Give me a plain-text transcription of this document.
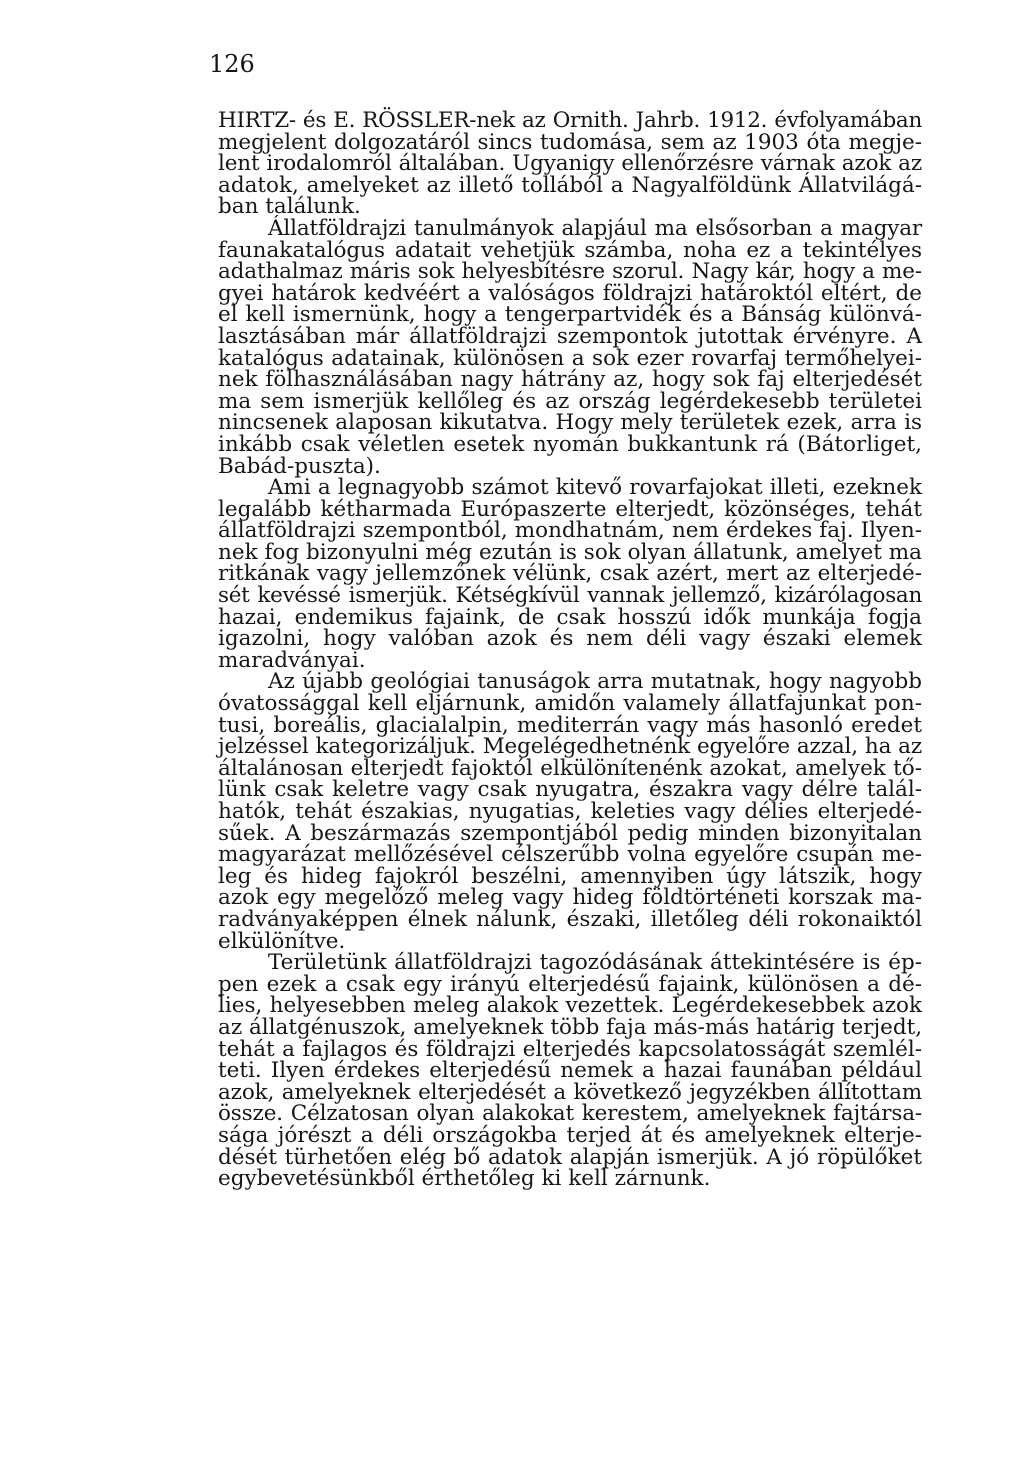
126

HIRTZ- és E. RÖSSLER-nek az Ornith. Jahrb. 1912. évfolyamában

megjelent dolgozatáról sincs tudomása, sem az 1903 óta megje-

lent irodalomról általában. Ugyanigy ellenőrzésre várnak azok az

adatok, amelyeket az illető tollából a Nagyalföldünk Állatvilágá-

ban találunk.

Állatföldrajzi tanulmányok alapjául ma elsősorban a magyar

faunakatalógus adatait vehetjük számba, noha ez a tekintélyes

adathalmaz máris sok helyesbítésre szorul. Nagy kár, hogy a me-

gyei határok kedvéért a valóságos földrajzi határoktól eltért, de

el kell ismernünk, hogy a tengerpartvidék és a Bánság különvá-

lasztásában már állatföldrajzi szempontok jutottak érvényre. A

katalógus adatainak, különösen a sok ezer rovarfaj termőhelyei-

nek fölhasználásában nagy hátrány az, hogy sok faj elterjedését

ma sem ismerjük kellőleg és az ország legérdekesebb területei

nincsenek alaposan kikutatva. Hogy mely területek ezek, arra is

inkább csak véletlen esetek nyomán bukkantunk rá (Bátorliget,

Babád-puszta).

Ami a legnagyobb számot kitevő rovarfajokat illeti, ezeknek

legalább kétharmada Európaszerte elterjedt, közönséges, tehát

állatföldrajzi szempontból, mondhatnám, nem érdekes faj. Ilyen-

nek fog bizonyulni még ezután is sok olyan állatunk, amelyet ma

ritkának vagy jellemzőnek vélünk, csak azért, mert az elterjedé-

sét kevéssé ismerjük. Kétségkívül vannak jellemző, kizárólagosan

hazai, endemikus fajaink, de csak hosszú idők munkája fogja

igazolni, hogy valóban azok és nem déli vagy északi elemek

maradványai.

Az újabb geológiai tanuságok arra mutatnak, hogy nagyobb

óvatossággal kell eljárnunk, amidőn valamely állatfajunkat pon-

tusi, boreális, glacialalpin, mediterrán vagy más hasonló eredet

jelzéssel kategorizáljuk. Megelégedhetnénk egyelőre azzal, ha az

általánosan elterjedt fajoktól elkülönítenénk azokat, amelyek tő-

lünk csak keletre vagy csak nyugatra, északra vagy délre talál-

hatók, tehát északias, nyugatias, keleties vagy délies elterjedé-

sűek. A beszármazás szempontjából pedig minden bizonyitalan

magyarázat mellőzésével célszerűbb volna egyelőre csupán me-

leg és hideg fajokról beszélni, amennyiben úgy látszik, hogy

azok egy megelőző meleg vagy hideg földtörténeti korszak ma-

radványaképpen élnek nálunk, északi, illetőleg déli rokonaiktól

elkülönítve.

Területünk állatföldrajzi tagozódásának áttekintésére is ép-

pen ezek a csak egy irányú elterjedésű fajaink, különösen a dé-

lies, helyesebben meleg alakok vezettek. Legérdekesebbek azok

az állatgénuszok, amelyeknek több faja más-más határig terjedt,

tehát a fajlagos és földrajzi elterjedés kapcsolatosságát szemlél-

teti. Ilyen érdekes elterjedésű nemek a hazai faunában például

azok, amelyeknek elterjedését a következő jegyzékben állítottam

össze. Célzatosan olyan alakokat kerestem, amelyeknek fajtársa-

sága jórészt a déli országokba terjed át és amelyeknek elterje-

dését türhetően elég bő adatok alapján ismerjük. A jó röpülőket

egybevetésünkből érthetőleg ki kell zárnunk.
